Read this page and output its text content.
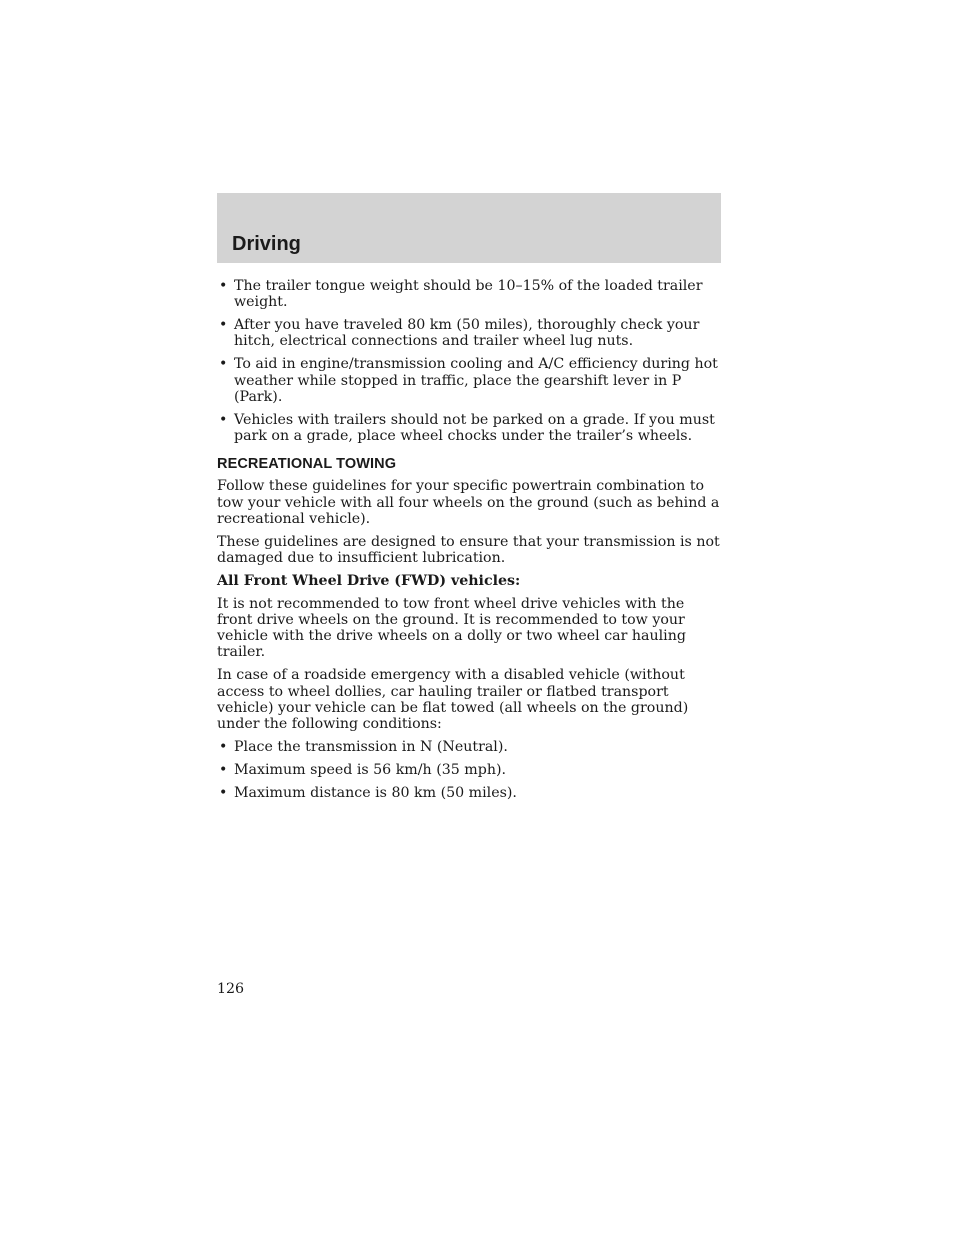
Driving
• The trailer tongue weight should be 10–15% of the loaded trailer weight.
• After you have traveled 80 km (50 miles), thoroughly check your hitch, electrical connections and trailer wheel lug nuts.
• To aid in engine/transmission cooling and A/C efficiency during hot weather while stopped in traffic, place the gearshift lever in P (Park).
• Vehicles with trailers should not be parked on a grade. If you must park on a grade, place wheel chocks under the trailer’s wheels.
RECREATIONAL TOWING

Follow these guidelines for your specific powertrain combination to tow your vehicle with all four wheels on the ground (such as behind a recreational vehicle).

These guidelines are designed to ensure that your transmission is not damaged due to insufficient lubrication.

All Front Wheel Drive (FWD) vehicles:

It is not recommended to tow front wheel drive vehicles with the front drive wheels on the ground. It is recommended to tow your vehicle with the drive wheels on a dolly or two wheel car hauling trailer.

In case of a roadside emergency with a disabled vehicle (without access to wheel dollies, car hauling trailer or flatbed transport vehicle) your vehicle can be flat towed (all wheels on the ground) under the following conditions:

• Place the transmission in N (Neutral).
• Maximum speed is 56 km/h (35 mph).
• Maximum distance is 80 km (50 miles).
126
